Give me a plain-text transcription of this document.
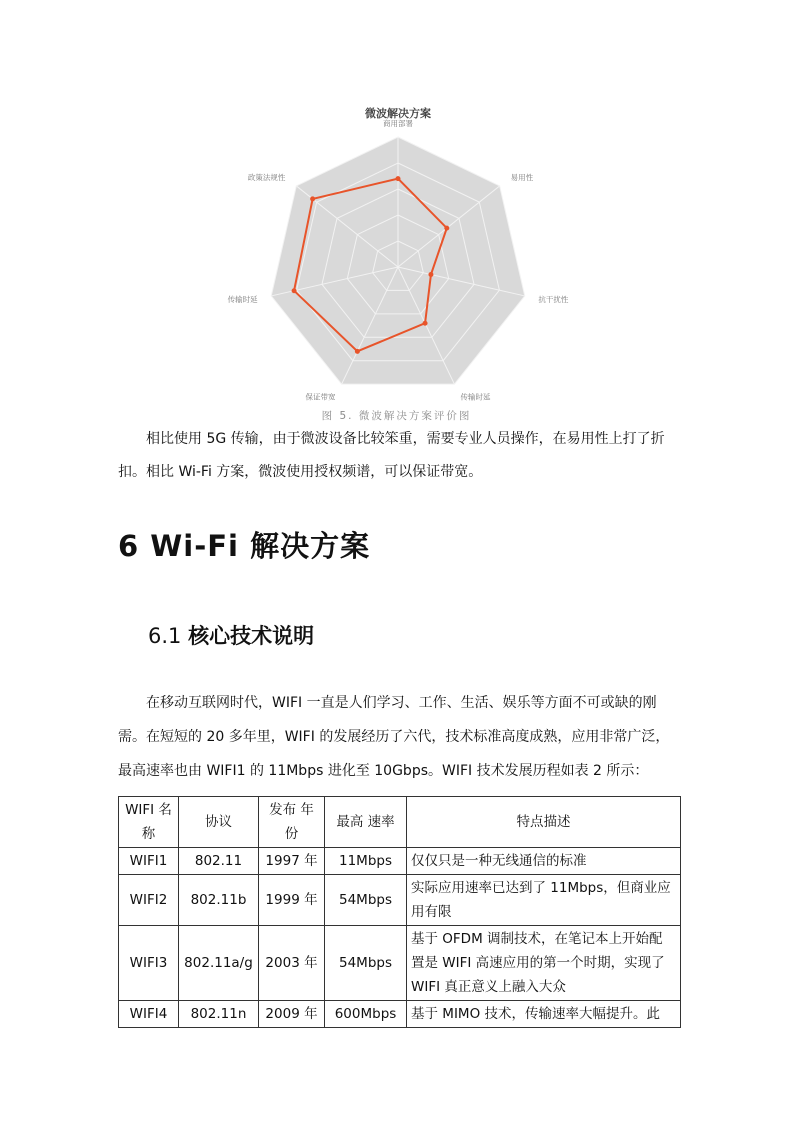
微波解决方案
商用部署
易用性
抗干扰性
传输时延
保证带宽
传输时延
政策法规性
图 5. 微波解决方案评价图
相比使用 5G 传输，由于微波设备比较笨重，需要专业人员操作，在易用性上打了折扣。相比 Wi-Fi 方案，微波使用授权频谱，可以保证带宽。
6 Wi-Fi 解决方案
6.1 核心技术说明
在移动互联网时代，WIFI 一直是人们学习、工作、生活、娱乐等方面不可或缺的刚需。在短短的 20 多年里，WIFI 的发展经历了六代，技术标准高度成熟，应用非常广泛，最高速率也由 WIFI1 的 11Mbps 进化至 10Gbps。WIFI 技术发展历程如表 2 所示：
WIFI 名称	协议	发布 年份	最高 速率	特点描述
WIFI1	802.11	1997 年	11Mbps	仅仅只是一种无线通信的标准
WIFI2	802.11b	1999 年	54Mbps	实际应用速率已达到了 11Mbps，但商业应用有限
WIFI3	802.11a/g	2003 年	54Mbps	基于 OFDM 调制技术，在笔记本上开始配置是 WIFI 高速应用的第一个时期，实现了 WIFI 真正意义上融入大众
WIFI4	802.11n	2009 年	600Mbps	基于 MIMO 技术，传输速率大幅提升。此
